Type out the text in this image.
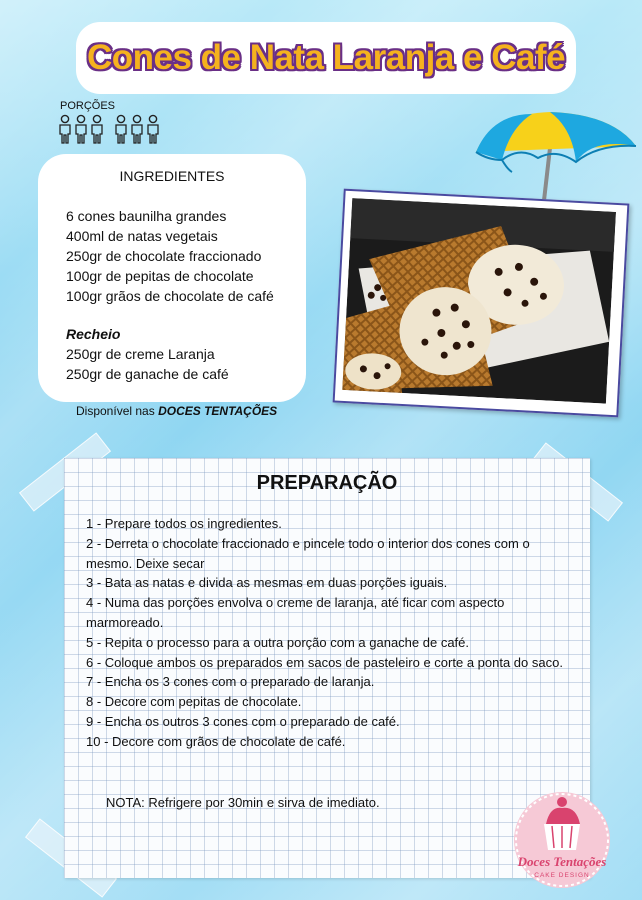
Cones de Nata Laranja e Café
PORÇÕES
INGREDIENTES
6 cones baunilha grandes
400ml de natas vegetais
250gr de chocolate fraccionado
100gr de pepitas de chocolate
100gr grãos de chocolate de café
Recheio
250gr de creme Laranja
250gr de ganache de café
Disponível nas DOCES TENTAÇÕES
PREPARAÇÃO
1 - Prepare todos os ingredientes.
2 - Derreta o chocolate fraccionado e pincele todo o interior dos cones com o mesmo. Deixe secar
3 - Bata as natas e divida as mesmas em duas porções iguais.
4 - Numa das porções envolva o creme de laranja, até ficar com aspecto marmoreado.
5 - Repita o processo para a outra porção com a ganache de café.
6 - Coloque ambos os preparados em sacos de pasteleiro e corte a ponta do saco.
7 - Encha os 3 cones com o preparado de laranja.
8 - Decore com pepitas de chocolate.
9 - Encha os outros 3 cones com o preparado de café.
10 - Decore com grãos de chocolate de café.
NOTA: Refrigere por 30min e sirva de imediato.
Doces Tentações
CAKE DESIGN
